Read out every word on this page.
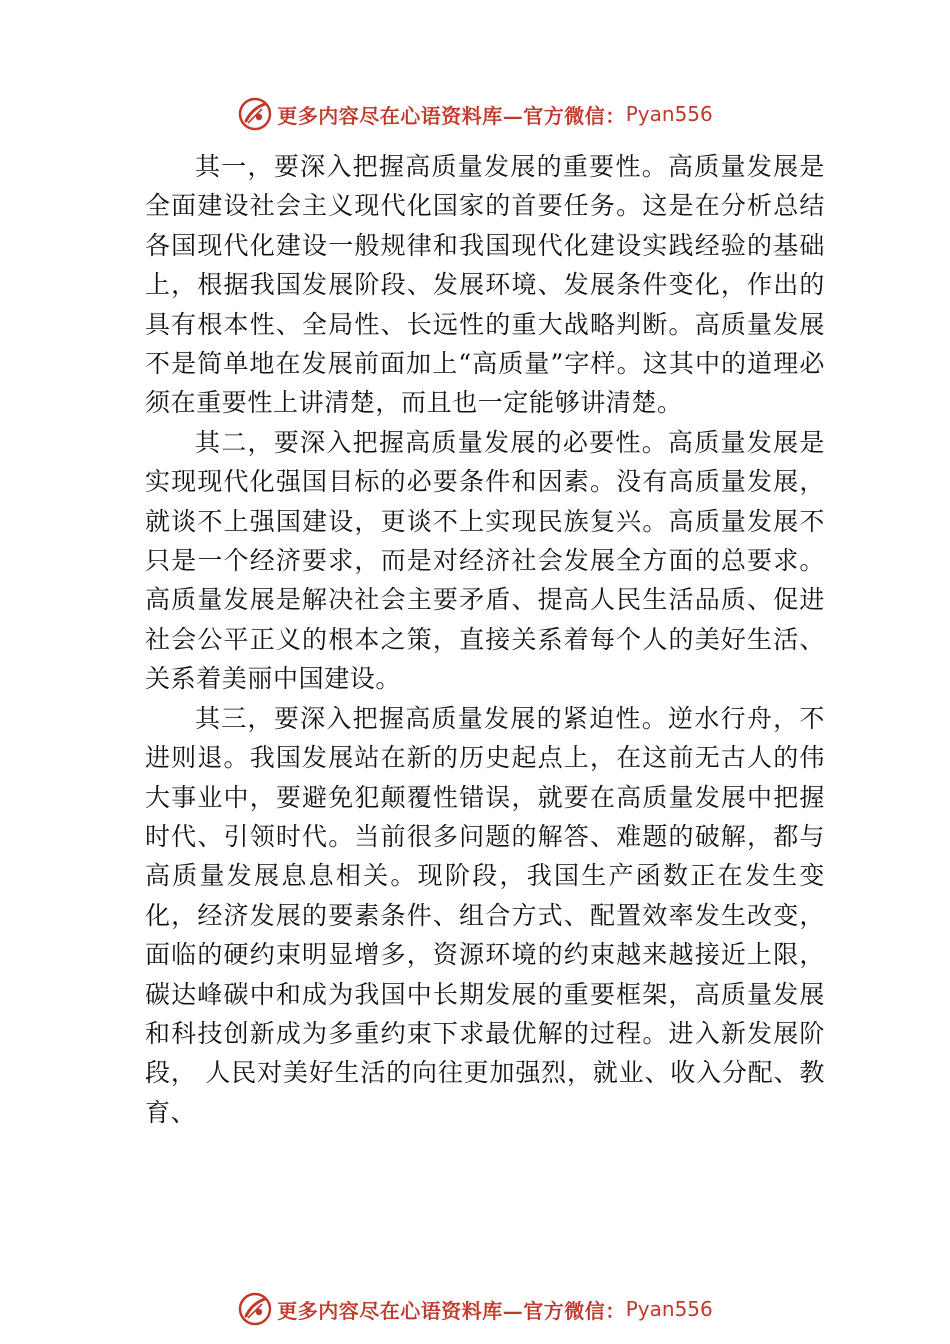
更多内容尽在心语资料库—官方微信： Pyan556

其一，要深入把握高质量发展的重要性。高质量发展是全面建设社会主义现代化国家的首要任务。这是在分析总结各国现代化建设一般规律和我国现代化建设实践经验的基础上，根据我国发展阶段、发展环境、发展条件变化，作出的具有根本性、全局性、长远性的重大战略判断。高质量发展不是简单地在发展前面加上“高质量”字样。这其中的道理必须在重要性上讲清楚，而且也一定能够讲清楚。

其二，要深入把握高质量发展的必要性。高质量发展是实现现代化强国目标的必要条件和因素。没有高质量发展， 就谈不上强国建设，更谈不上实现民族复兴。高质量发展不只是一个经济要求，而是对经济社会发展全方面的总要求。 高质量发展是解决社会主要矛盾、提高人民生活品质、促进社会公平正义的根本之策，直接关系着每个人的美好生活、 关系着美丽中国建设。

其三，要深入把握高质量发展的紧迫性。逆水行舟，不进则退。我国发展站在新的历史起点上，在这前无古人的伟大事业中，要避免犯颠覆性错误，就要在高质量发展中把握时代、引领时代。当前很多问题的解答、难题的破解，都与高质量发展息息相关。现阶段，我国生产函数正在发生变化，经济发展的要素条件、组合方式、配置效率发生改变，面临的硬约束明显增多，资源环境的约束越来越接近上限，碳达峰碳中和成为我国中长期发展的重要框架，高质量发展和科技创新成为多重约束下求最优解的过程。进入新发展阶段， 人民对美好生活的向往更加强烈，就业、收入分配、教育、

更多内容尽在心语资料库—官方微信： Pyan556
